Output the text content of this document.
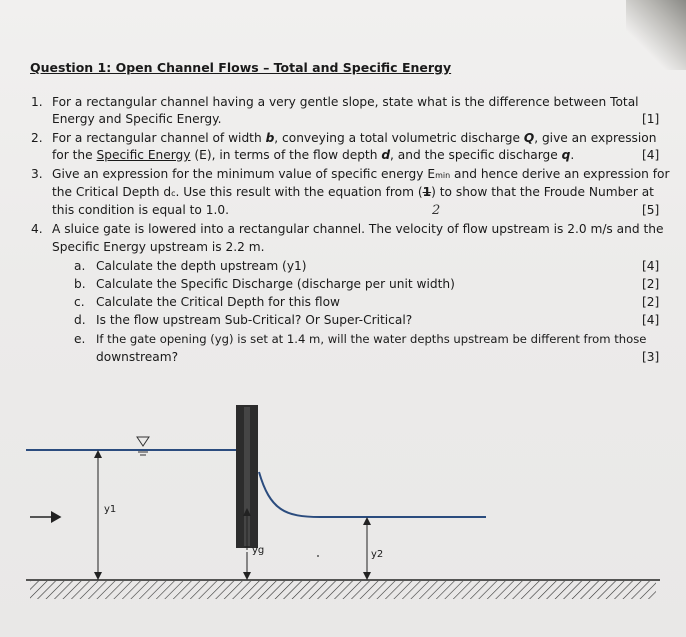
Question 1: Open Channel Flows – Total and Specific Energy
1. For a rectangular channel having a very gentle slope, state what is the difference between Total
Energy and Specific Energy.	[1]
2. For a rectangular channel of width b, conveying a total volumetric discharge Q, give an expression
for the Specific Energy (E), in terms of the flow depth d, and the specific discharge q.	[4]
3. Give an expression for the minimum value of specific energy Emin and hence derive an expression for
the Critical Depth dc. Use this result with the equation from (1) to show that the Froude Number at
this condition is equal to 1.0.	2	[5]
4. A sluice gate is lowered into a rectangular channel. The velocity of flow upstream is 2.0 m/s and the
Specific Energy upstream is 2.2 m.
a. Calculate the depth upstream (y1)	[4]
b. Calculate the Specific Discharge (discharge per unit width)	[2]
c. Calculate the Critical Depth for this flow	[2]
d. Is the flow upstream Sub-Critical? Or Super-Critical?	[4]
e. If the gate opening (yg) is set at 1.4 m, will the water depths upstream be different from those
downstream?	[3]
y1
yg	y2
